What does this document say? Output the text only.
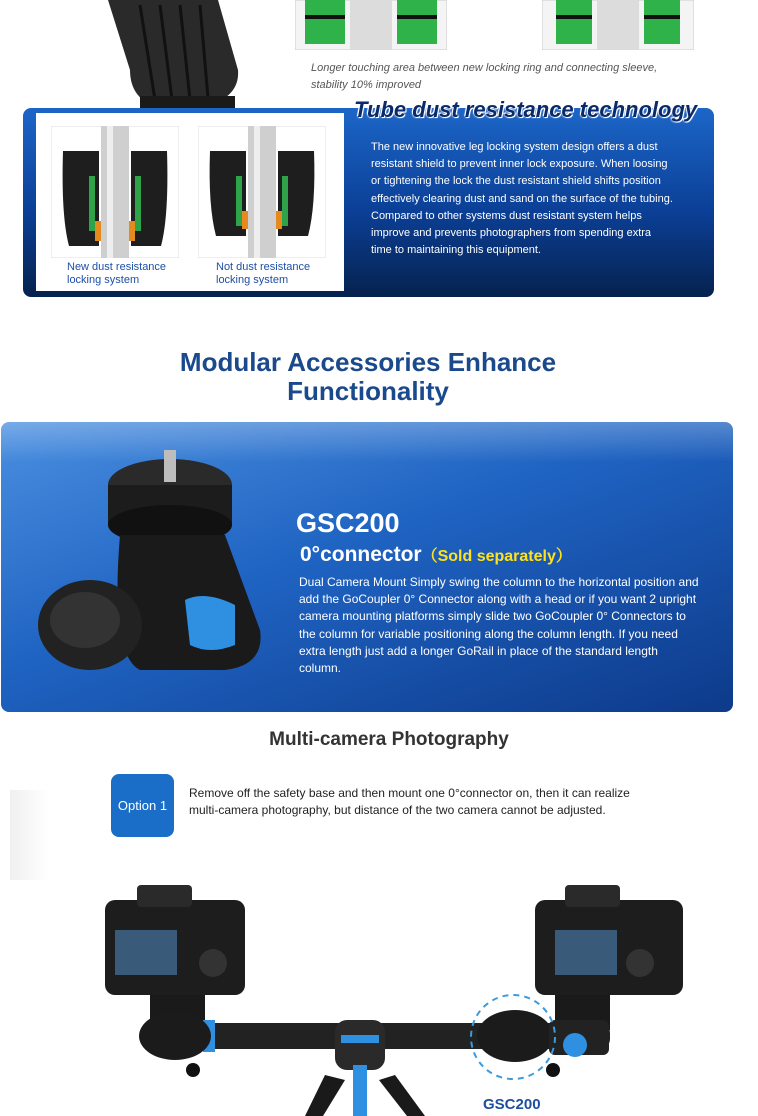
Longer touching area between new locking ring and connecting sleeve, stability 10% improved
New dust resistance
locking system
Not dust resistance
locking system
Tube dust resistance technology
The new innovative leg locking system design offers a dust
resistant shield to prevent inner lock exposure. When loosing
or tightening the lock the dust resistant shield shifts position
effectively clearing dust and sand on the surface of the tubing.
Compared to other systems dust resistant system helps
improve and prevents photographers from spending extra
time to maintaining this equipment.
Modular Accessories Enhance
Functionality
GSC200
0°connector（Sold separately）
Dual Camera Mount Simply swing the column to the horizontal position and
add the GoCoupler 0° Connector along with a head or if you want 2 upright
camera mounting platforms simply slide two GoCoupler 0° Connectors to
the column for variable positioning along the column length. If you need
extra length just add a longer GoRail in place of the standard length
column.
Multi-camera Photography
Option 1
Remove off the safety base and then mount one 0°connector on, then it can realize
multi-camera photography, but distance of the two camera cannot be adjusted.
GSC200
